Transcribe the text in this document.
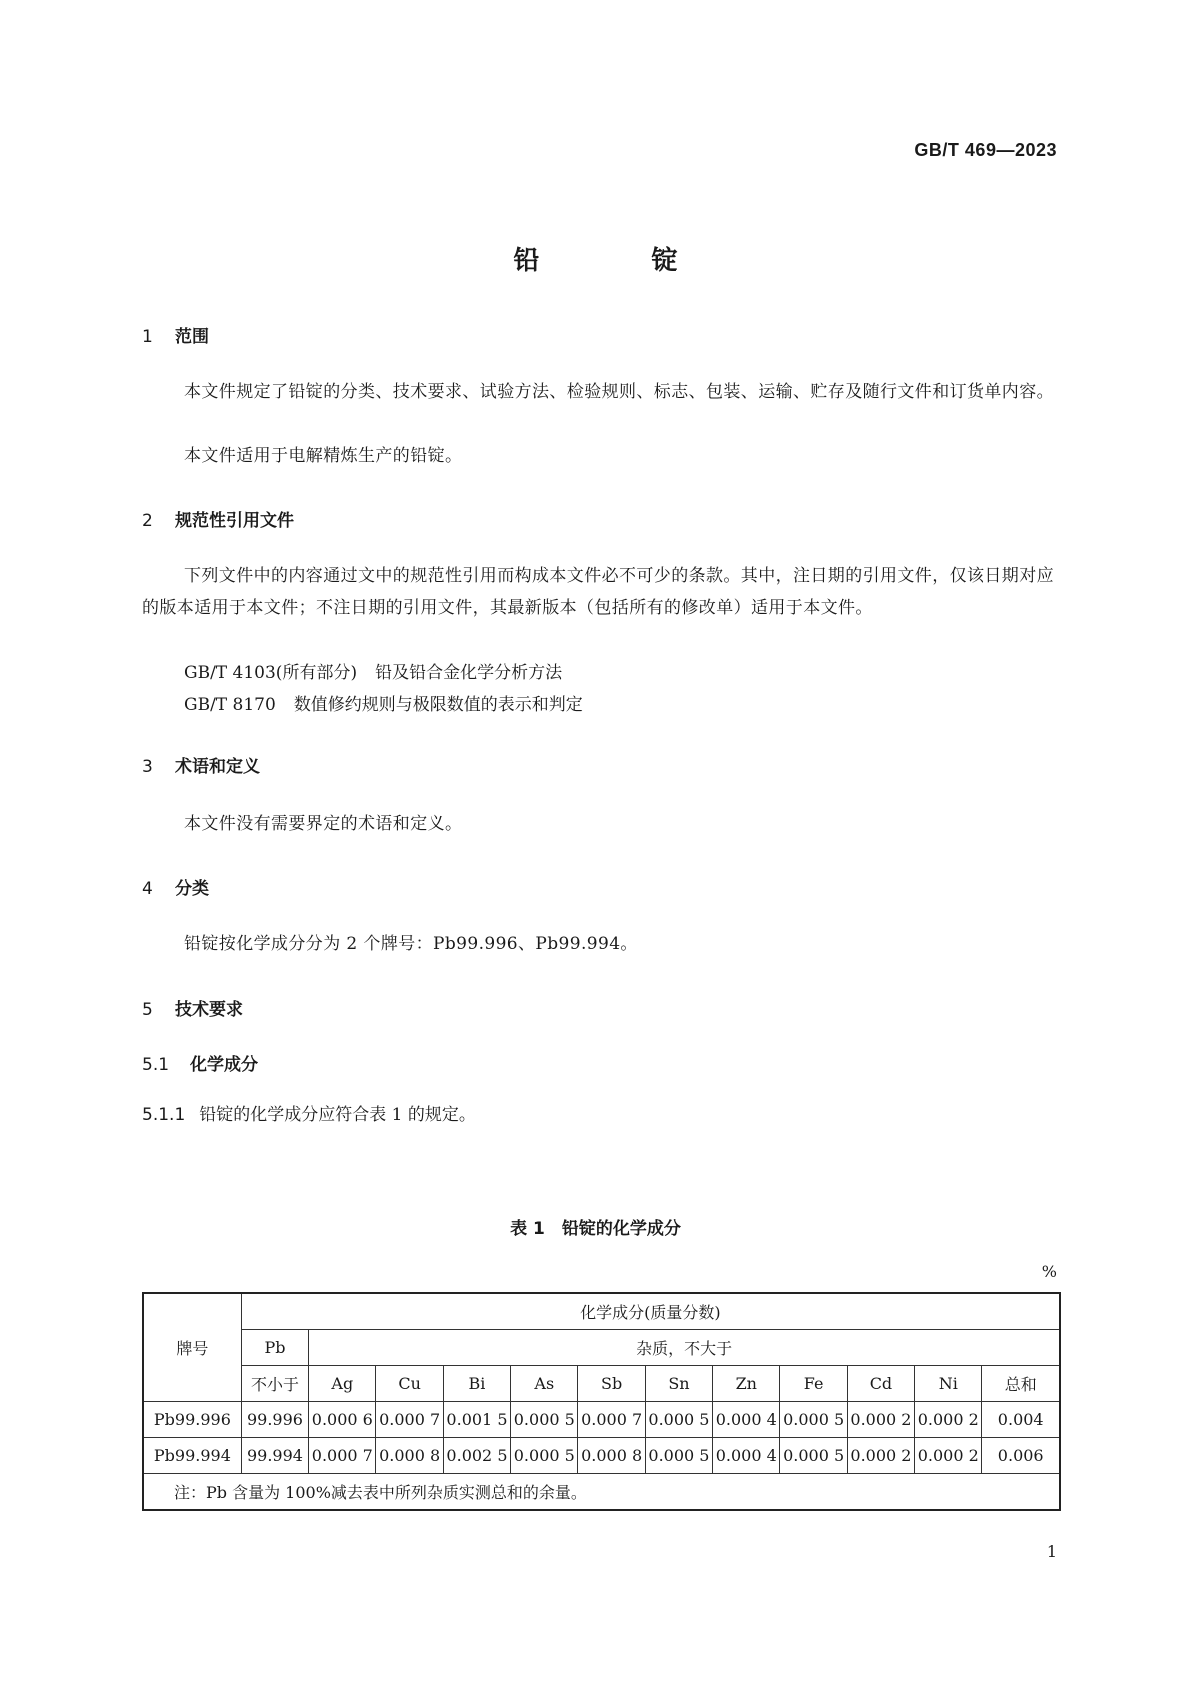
GB/T 469—2023
铅	锭
1 范围
本文件规定了铅锭的分类、技术要求、试验方法、检验规则、标志、包装、运输、贮存及随行文件和订货单内容。
本文件适用于电解精炼生产的铅锭。
2 规范性引用文件
下列文件中的内容通过文中的规范性引用而构成本文件必不可少的条款。其中，注日期的引用文件，仅该日期对应的版本适用于本文件；不注日期的引用文件，其最新版本（包括所有的修改单）适用于本文件。
GB/T 4103(所有部分) 铅及铅合金化学分析方法
GB/T 8170 数值修约规则与极限数值的表示和判定
3 术语和定义
本文件没有需要界定的术语和定义。
4 分类
铅锭按化学成分分为 2 个牌号：Pb99.996、Pb99.994。
5 技术要求
5.1 化学成分
5.1.1 铅锭的化学成分应符合表 1 的规定。
表 1　铅锭的化学成分
%
牌号	化学成分(质量分数)											
	Pb	杂质，不大于										
	不小于	Ag	Cu	Bi	As	Sb	Sn	Zn	Fe	Cd	Ni	总和
Pb99.996	99.996	0.000 6	0.000 7	0.001 5	0.000 5	0.000 7	0.000 5	0.000 4	0.000 5	0.000 2	0.000 2	0.004
Pb99.994	99.994	0.000 7	0.000 8	0.002 5	0.000 5	0.000 8	0.000 5	0.000 4	0.000 5	0.000 2	0.000 2	0.006
注：Pb 含量为 100%减去表中所列杂质实测总和的余量。												
1
